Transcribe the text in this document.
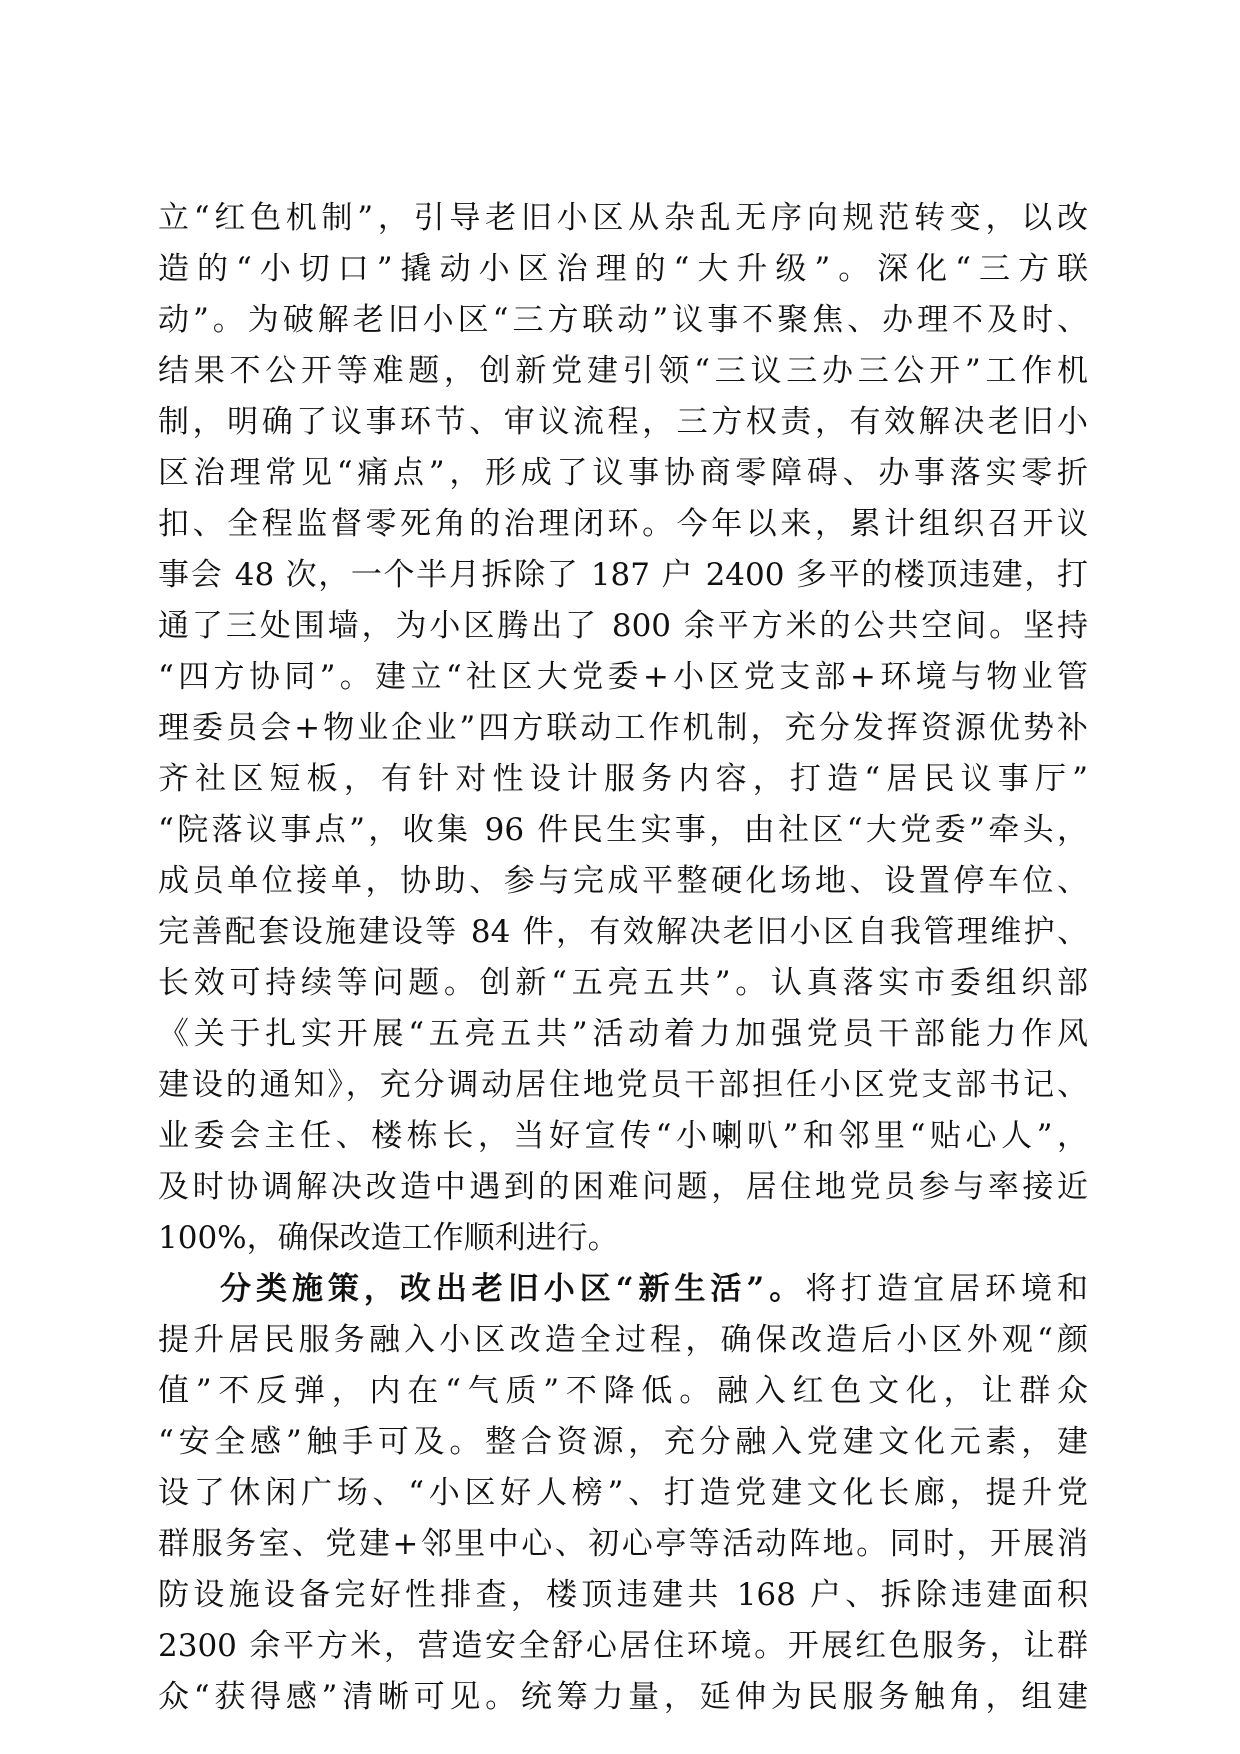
立“红色机制”，引导老旧小区从杂乱无序向规范转变，以改
造的“小切口”撬动小区治理的“大升级”。深化“三方联
动”。为破解老旧小区“三方联动”议事不聚焦、办理不及时、
结果不公开等难题，创新党建引领“三议三办三公开”工作机
制，明确了议事环节、审议流程，三方权责，有效解决老旧小
区治理常见“痛点”，形成了议事协商零障碍、办事落实零折
扣、全程监督零死角的治理闭环。今年以来，累计组织召开议
事会 48 次，一个半月拆除了 187 户 2400 多平的楼顶违建，打
通了三处围墙，为小区腾出了 800 余平方米的公共空间。坚持
“四方协同”。建立“社区大党委+小区党支部+环境与物业管
理委员会+物业企业”四方联动工作机制，充分发挥资源优势补
齐社区短板，有针对性设计服务内容，打造“居民议事厅”
“院落议事点”，收集 96 件民生实事，由社区“大党委”牵头，
成员单位接单，协助、参与完成平整硬化场地、设置停车位、
完善配套设施建设等 84 件，有效解决老旧小区自我管理维护、
长效可持续等问题。创新“五亮五共”。认真落实市委组织部
《关于扎实开展“五亮五共”活动着力加强党员干部能力作风
建设的通知》，充分调动居住地党员干部担任小区党支部书记、
业委会主任、楼栋长，当好宣传“小喇叭”和邻里“贴心人”，
及时协调解决改造中遇到的困难问题，居住地党员参与率接近
100%，确保改造工作顺利进行。
分类施策，改出老旧小区“新生活”。将打造宜居环境和
提升居民服务融入小区改造全过程，确保改造后小区外观“颜
值”不反弹，内在“气质”不降低。融入红色文化，让群众
“安全感”触手可及。整合资源，充分融入党建文化元素，建
设了休闲广场、“小区好人榜”、打造党建文化长廊，提升党
群服务室、党建+邻里中心、初心亭等活动阵地。同时，开展消
防设施设备完好性排查，楼顶违建共 168 户、拆除违建面积
2300 余平方米，营造安全舒心居住环境。开展红色服务，让群
众“获得感”清晰可见。统筹力量，延伸为民服务触角，组建
